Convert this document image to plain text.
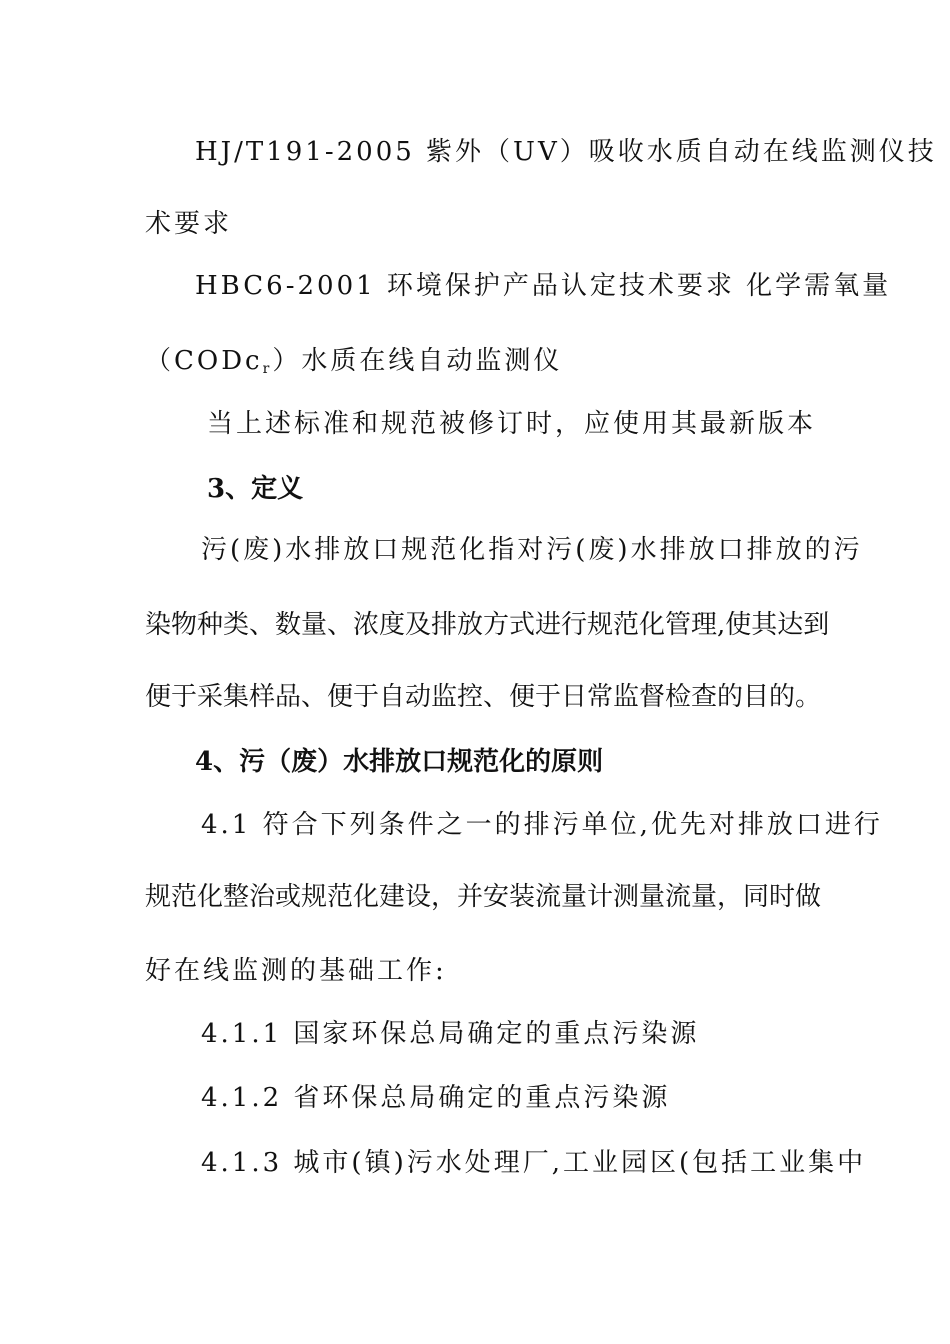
HJ/T191-2005 紫外（UV）吸收水质自动在线监测仪技
术要求
HBC6-2001 环境保护产品认定技术要求 化学需氧量
（CODc$_r$）水质在线自动监测仪
当上述标准和规范被修订时，应使用其最新版本
3、定义
污(废)水排放口规范化指对污(废)水排放口排放的污
染物种类、数量、浓度及排放方式进行规范化管理,使其达到
便于采集样品、便于自动监控、便于日常监督检查的目的。
4、污（废）水排放口规范化的原则
4.1 符合下列条件之一的排污单位,优先对排放口进行
规范化整治或规范化建设，并安装流量计测量流量，同时做
好在线监测的基础工作:
4.1.1 国家环保总局确定的重点污染源
4.1.2 省环保总局确定的重点污染源
4.1.3 城市(镇)污水处理厂,工业园区(包括工业集中
